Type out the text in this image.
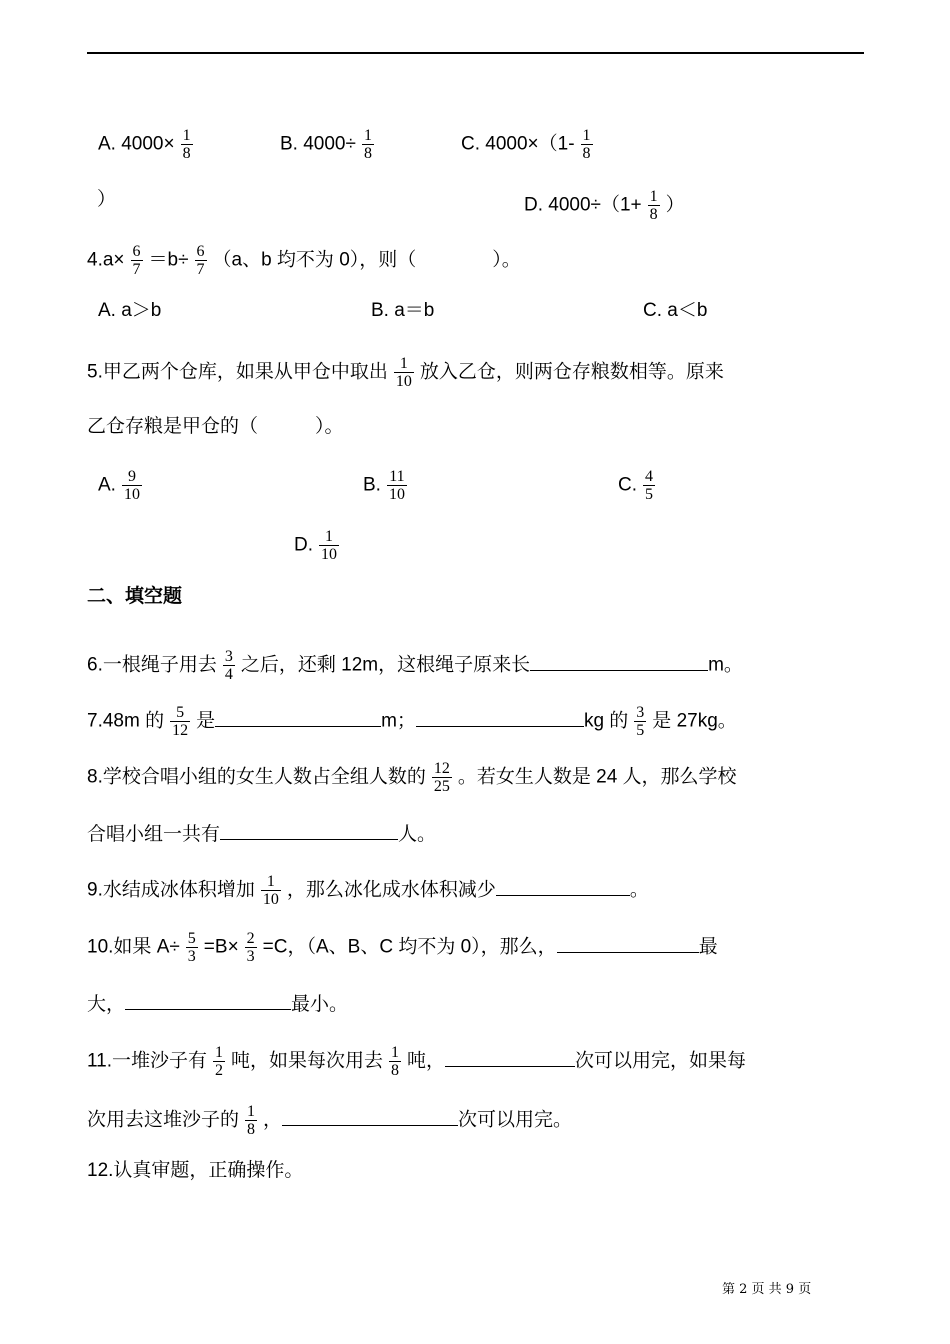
A. $4000\times \frac{1}{8}$	B. $4000\div \frac{1}{8}$	C. $4000\times(1- \frac{1}{8}$
）	D. $4000\div(1+ \frac{1}{8}$ ）
$4.a\times \frac{6}{7} =b\div \frac{6}{7} (a$、b 均不为 0），则（　　　　）。
A. a＞b	B. a＝b	C. a＜b
5.甲乙两个仓库，如果从甲仓中取出 $\frac{1}{10}$ 放入乙仓，则两仓存粮数相等。原来
乙仓存粮是甲仓的（　　　）。
A. $\frac{9}{10}$	B. $\frac{11}{10}$	C. $\frac{4}{5}$
D. $\frac{1}{10}$
二、填空题
6.一根绳子用去 $\frac{3}{4}$ 之后，还剩 12m，这根绳子原来长	m。
7.48m 的 $\frac{5}{12}$ 是	m；	kg 的 $\frac{3}{5}$ 是 27kg。
8.学校合唱小组的女生人数占全组人数的 $\frac{12}{25}$ 。若女生人数是 24 人，那么学校
合唱小组一共有	人。
9.水结成冰体积增加 $\frac{1}{10}$ ，那么冰化成水体积减少	。
10.如果 $A\div \frac{5}{3} =B\times \frac{2}{3} =C$，（A、B、C 均不为 0），那么，	最
大，	最小。
11.一堆沙子有 $\frac{1}{2}$ 吨，如果每次用去 $\frac{1}{8}$ 吨，	次可以用完，如果每
次用去这堆沙子的 $\frac{1}{8}$ ，	次可以用完。
12.认真审题，正确操作。
第 2 页 共 9 页
